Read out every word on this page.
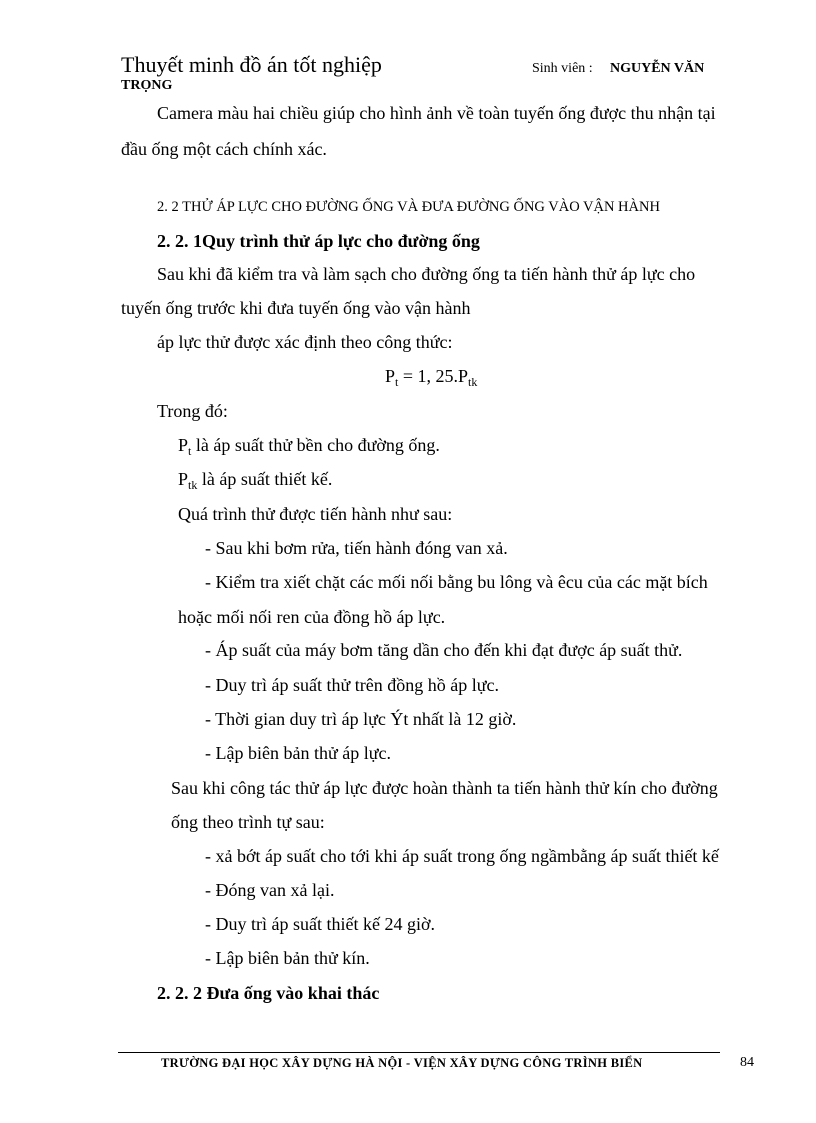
Thuyết minh đồ án tốt nghiệp	Sinh viên : NGUYỄN VĂN
TRỌNG
Camera màu hai chiều giúp cho hình ảnh về toàn tuyến ống được thu nhận tại
đầu ống một cách chính xác.
2. 2 THỬ ÁP LỰC CHO ĐƯỜNG ỐNG VÀ ĐƯA ĐƯỜNG ỐNG VÀO VẬN HÀNH
2. 2. 1Quy trình thử áp lực cho đường ống
Sau khi đã kiểm tra và làm sạch cho đường ống ta tiến hành thử áp lực cho
tuyến ống trước khi đưa tuyến ống vào vận hành
áp lực thử được xác định theo công thức:
$P_t = 1$, $25.P_{tk}$
Trong đó:
$P_t$ là áp suất thử bền cho đường ống.
$P_{tk}$ là áp suất thiết kế.
Quá trình thử được tiến hành như sau:
- Sau khi bơm rửa, tiến hành đóng van xả.
- Kiểm tra xiết chặt các mối nối bằng bu lông và êcu của các mặt bích
hoặc mối nối ren của đồng hồ áp lực.
- Áp suất của máy bơm tăng dần cho đến khi đạt được áp suất thử.
- Duy trì áp suất thử trên đồng hồ áp lực.
- Thời gian duy trì áp lực Ýt nhất là 12 giờ.
- Lập biên bản thử áp lực.
Sau khi công tác thử áp lực được hoàn thành ta tiến hành thử kín cho đường
ống theo trình tự sau:
- xả bớt áp suất cho tới khi áp suất trong ống ngầmbằng áp suất thiết kế
- Đóng van xả lại.
- Duy trì áp suất thiết kế 24 giờ.
- Lập biên bản thử kín.
2. 2. 2 Đưa ống vào khai thác
TRƯỜNG ĐẠI HỌC XÂY DỰNG HÀ NỘI - VIỆN XÂY DỰNG CÔNG TRÌNH BIỂN	84
